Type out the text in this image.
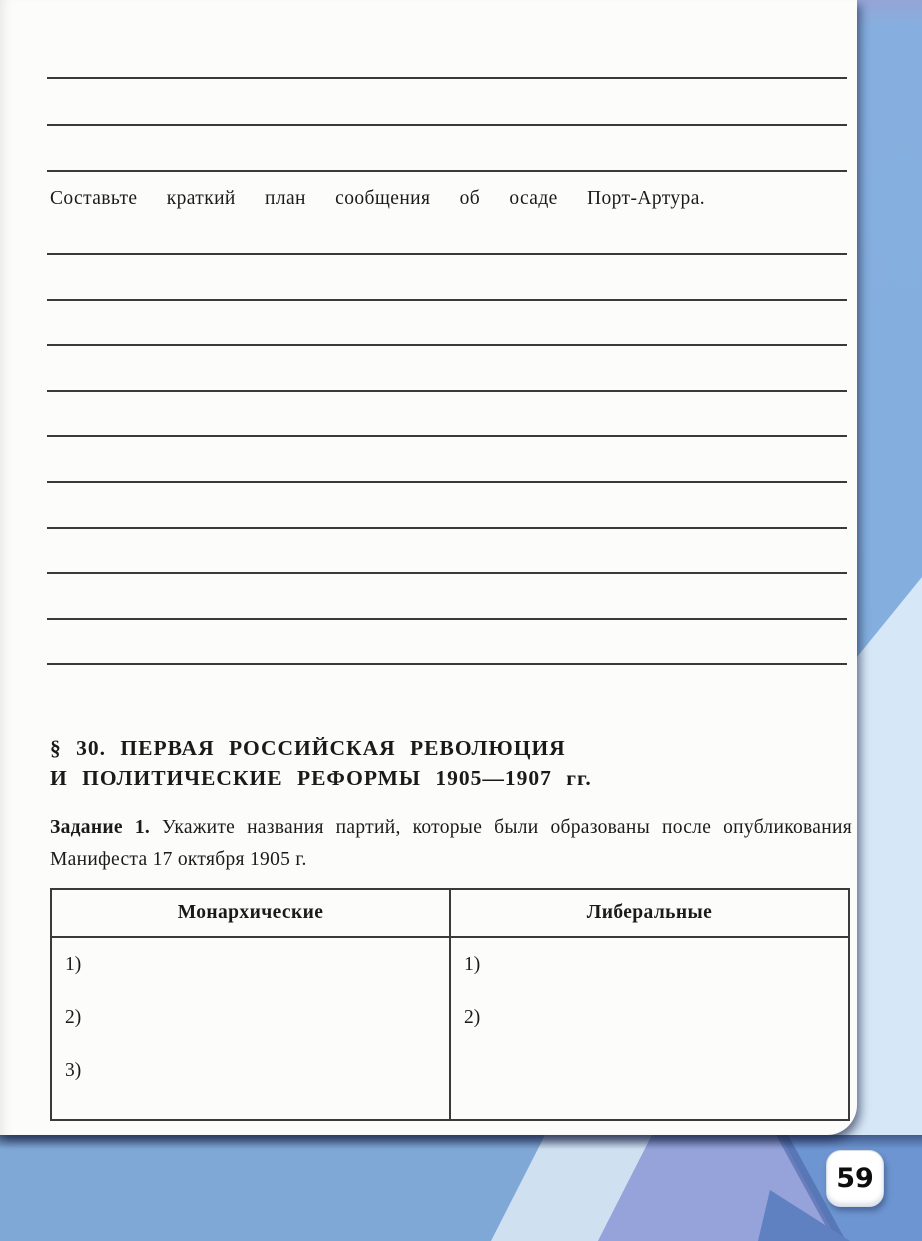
Составьте краткий план сообщения об осаде Порт-Артура.
§ 30. ПЕРВАЯ РОССИЙСКАЯ РЕВОЛЮЦИЯ
И ПОЛИТИЧЕСКИЕ РЕФОРМЫ 1905—1907 гг.
Задание 1. Укажите названия партий, которые были образованы после опубликования Манифеста 17 октября 1905 г.
Монархические	Либеральные
1)
2)
3)
1)
2)
59
